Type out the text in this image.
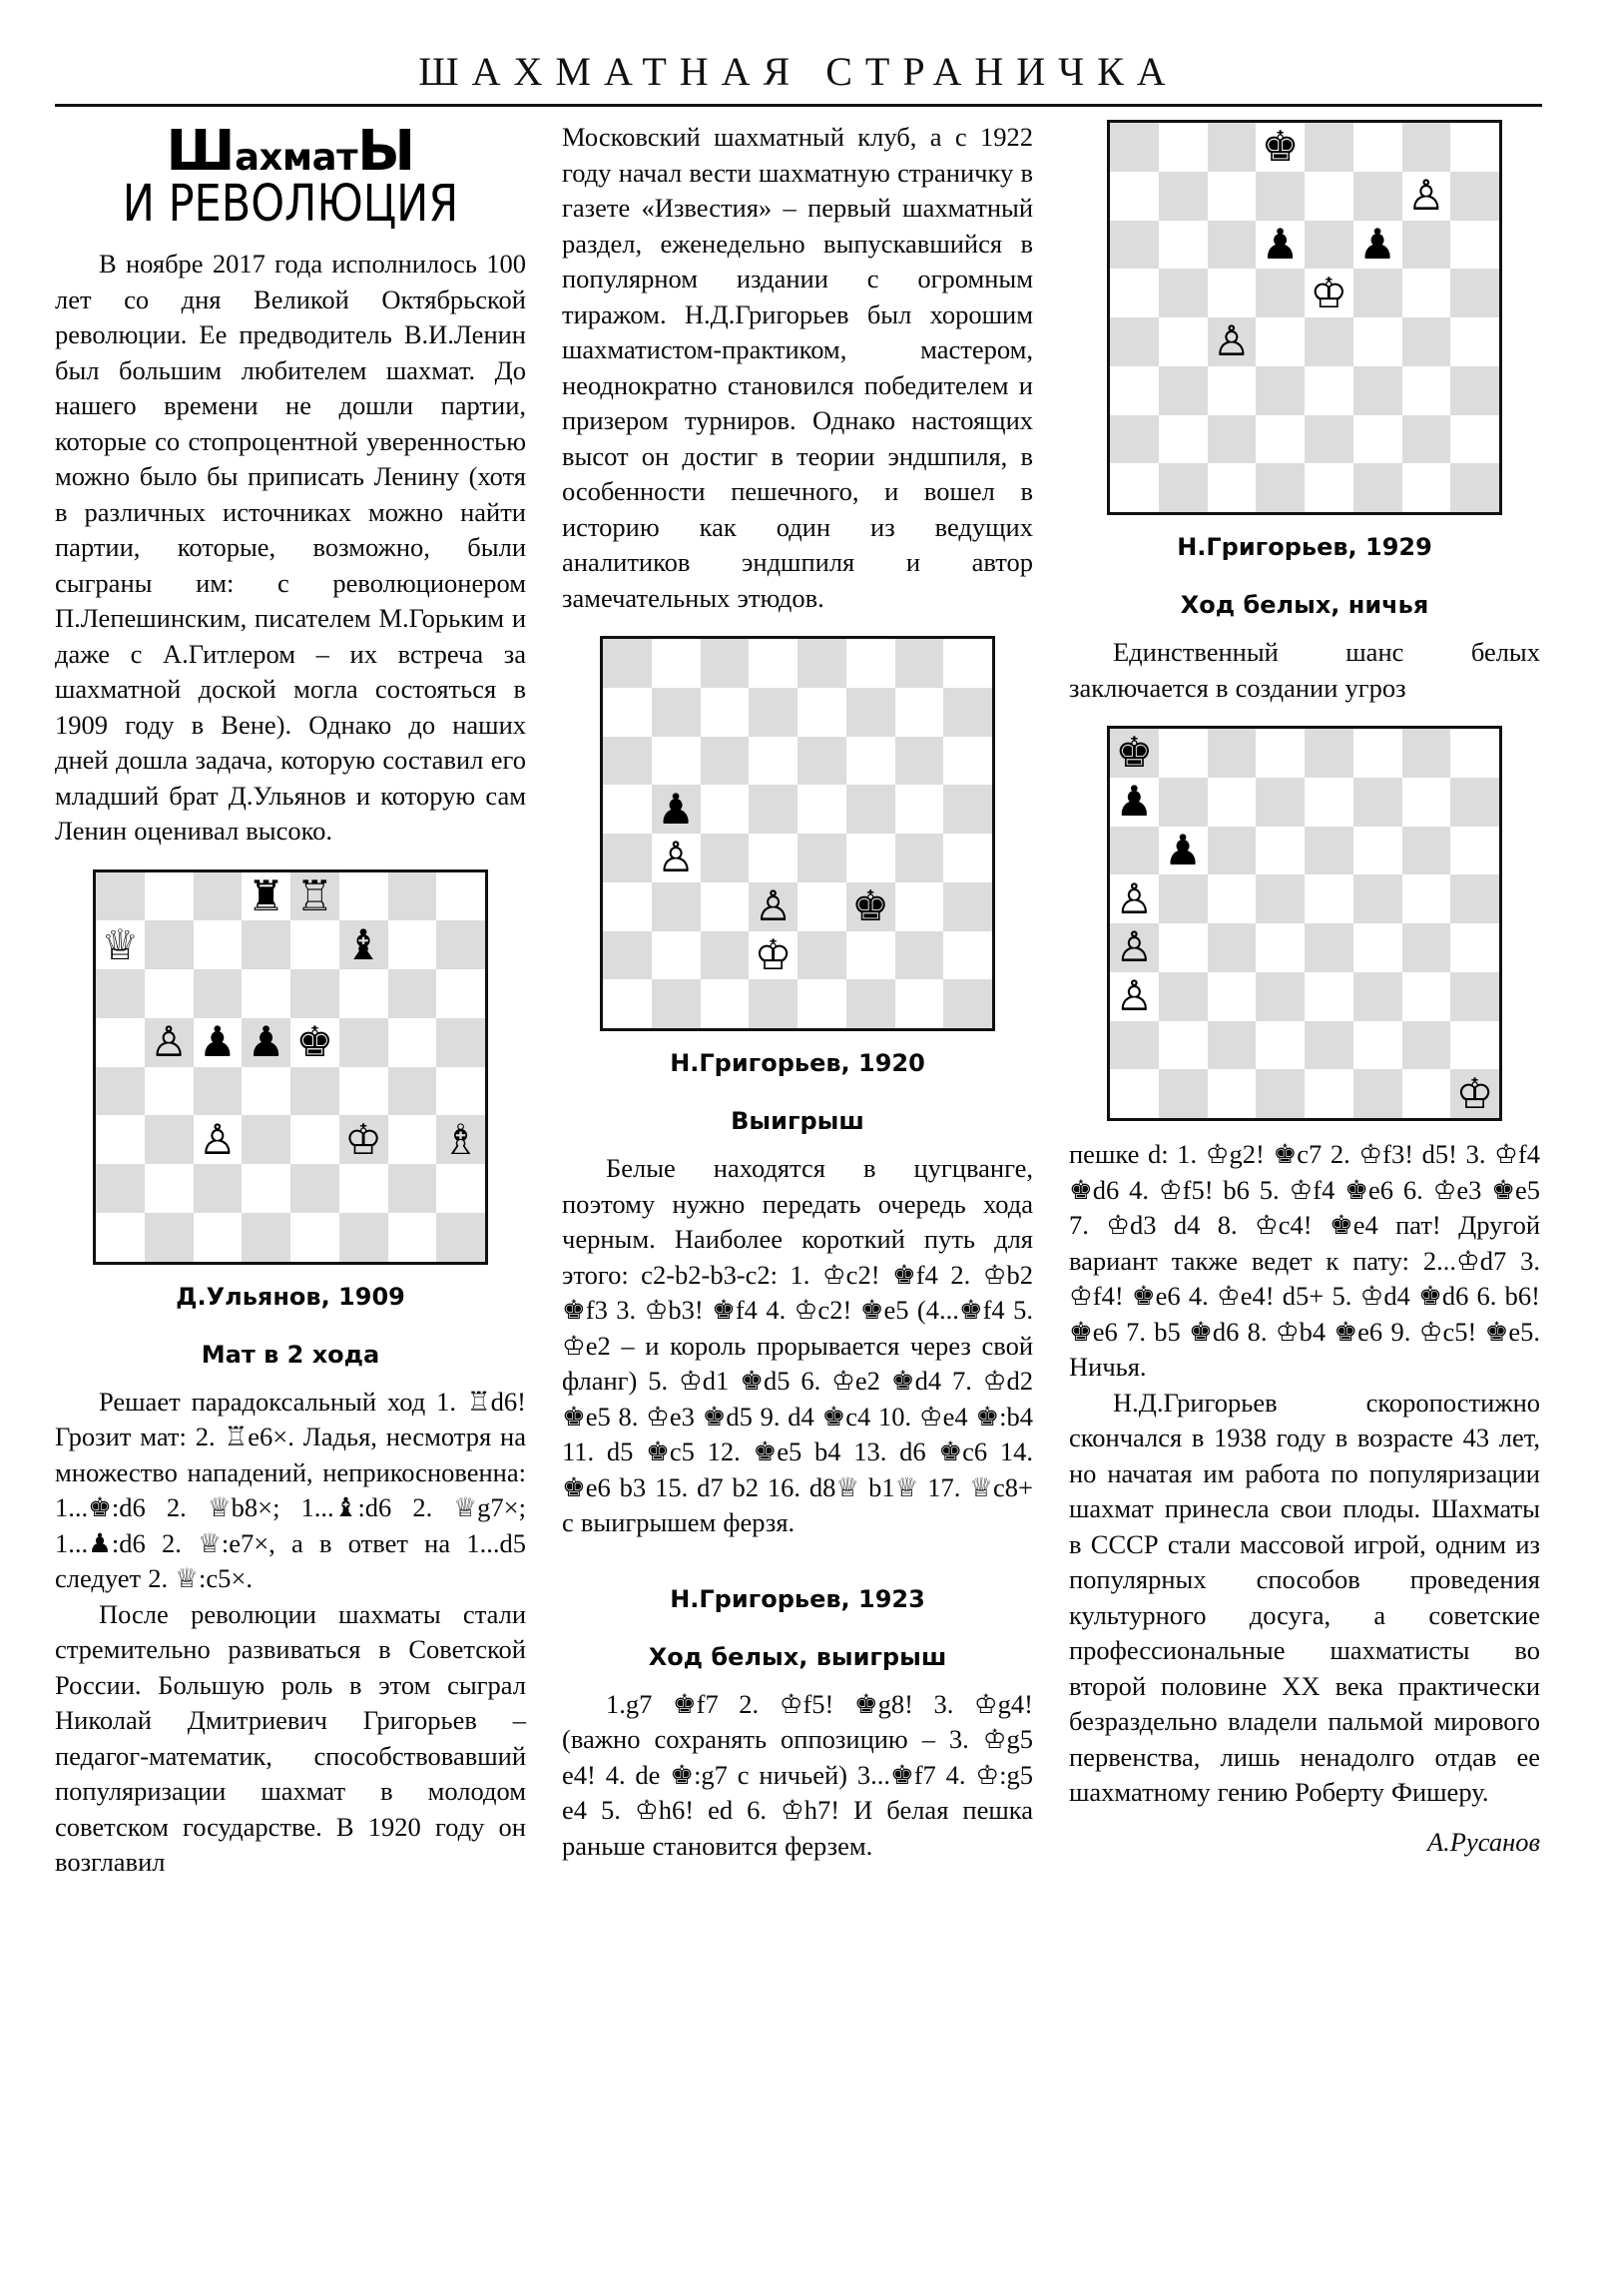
ШАХМАТНАЯ СТРАНИЧКА
ШахматЫ
И РЕВОЛЮЦИЯ

В ноябре 2017 года исполнилось 100 лет со дня Великой Октябрьской революции. Ее предводитель В.И.Ленин был большим любителем шахмат. До нашего времени не дошли партии, которые со стопроцентной уверенностью можно было бы приписать Ленину (хотя в различных источниках можно найти партии, которые, возможно, были сыграны им: с революционером П.Лепешинским, писателем М.Горьким и даже с А.Гитлером – их встреча за шахматной доской могла состояться в 1909 году в Вене). Однако до наших дней дошла задача, которую составил его младший брат Д.Ульянов и которую сам Ленин оценивал высоко.

♜ ♖
♕	♝
♙ ♟ ♟ ♚
♙	♔ ♗
Д.Ульянов, 1909
Мат в 2 хода

Решает парадоксальный ход 1. ♖d6! Грозит мат: 2. ♖e6×. Ладья, несмотря на множество нападений, неприкосновенна: 1...♚:d6 2. ♕b8×; 1...♝:d6 2. ♕g7×; 1...♟:d6 2. ♕:e7×, а в ответ на 1...d5 следует 2. ♕:c5×.

После революции шахматы стали стремительно развиваться в Советской России. Большую роль в этом сыграл Николай Дмитриевич Григорьев – педагог-математик, способствовавший популяризации шахмат в молодом советском государстве. В 1920 году он возглавил

Московский шахматный клуб, а с 1922 году начал вести шахматную страничку в газете «Известия» – первый шахматный раздел, еженедельно выпускавшийся в популярном издании с огромным тиражом. Н.Д.Григорьев был хорошим шахматистом-практиком, мастером, неоднократно становился победителем и призером турниров. Однако настоящих высот он достиг в теории эндшпиля, в особенности пешечного, и вошел в историю как один из ведущих аналитиков эндшпиля и автор замечательных этюдов.

♟
♙
♙ ♚
♔
Н.Григорьев, 1920
Выигрыш

Белые находятся в цугцванге, поэтому нужно передать очередь хода черным. Наиболее короткий путь для этого: c2-b2-b3-c2: 1. ♔c2! ♚f4 2. ♔b2 ♚f3 3. ♔b3! ♚f4 4. ♔c2! ♚e5 (4...♚f4 5. ♔e2 – и король прорывается через свой фланг) 5. ♔d1 ♚d5 6. ♔e2 ♚d4 7. ♔d2 ♚e5 8. ♔e3 ♚d5 9. d4 ♚c4 10. ♔e4 ♚:b4 11. d5 ♚c5 12. ♚e5 b4 13. d6 ♚c6 14. ♚e6 b3 15. d7 b2 16. d8♕ b1♕ 17. ♕c8+ с выигрышем ферзя.

Н.Григорьев, 1923
Ход белых, выигрыш

1.g7 ♚f7 2. ♔f5! ♚g8! 3. ♔g4! (важно сохранять оппозицию – 3. ♔g5 e4! 4. de ♚:g7 с ничьей) 3...♚f7 4. ♔:g5 e4 5. ♔h6! ed 6. ♔h7! И белая пешка раньше становится ферзем.

♚
♙
♟ ♟
♔
♙
Н.Григорьев, 1929
Ход белых, ничья

Единственный шанс белых заключается в создании угроз

♚
♟
♟
♙
♙
♙
♔

пешке d: 1. ♔g2! ♚c7 2. ♔f3! d5! 3. ♔f4 ♚d6 4. ♔f5! b6 5. ♔f4 ♚e6 6. ♔e3 ♚e5 7. ♔d3 d4 8. ♔c4! ♚e4 пат! Другой вариант также ведет к пату: 2...♔d7 3. ♔f4! ♚e6 4. ♔e4! d5+ 5. ♔d4 ♚d6 6. b6! ♚e6 7. b5 ♚d6 8. ♔b4 ♚e6 9. ♔c5! ♚e5. Ничья.

Н.Д.Григорьев скоропостижно скончался в 1938 году в возрасте 43 лет, но начатая им работа по популяризации шахмат принесла свои плоды. Шахматы в СССР стали массовой игрой, одним из популярных способов проведения культурного досуга, а советские профессиональные шахматисты во второй половине XX века практически безраздельно владели пальмой мирового первенства, лишь ненадолго отдав ее шахматному гению Роберту Фишеру.

А.Русанов
